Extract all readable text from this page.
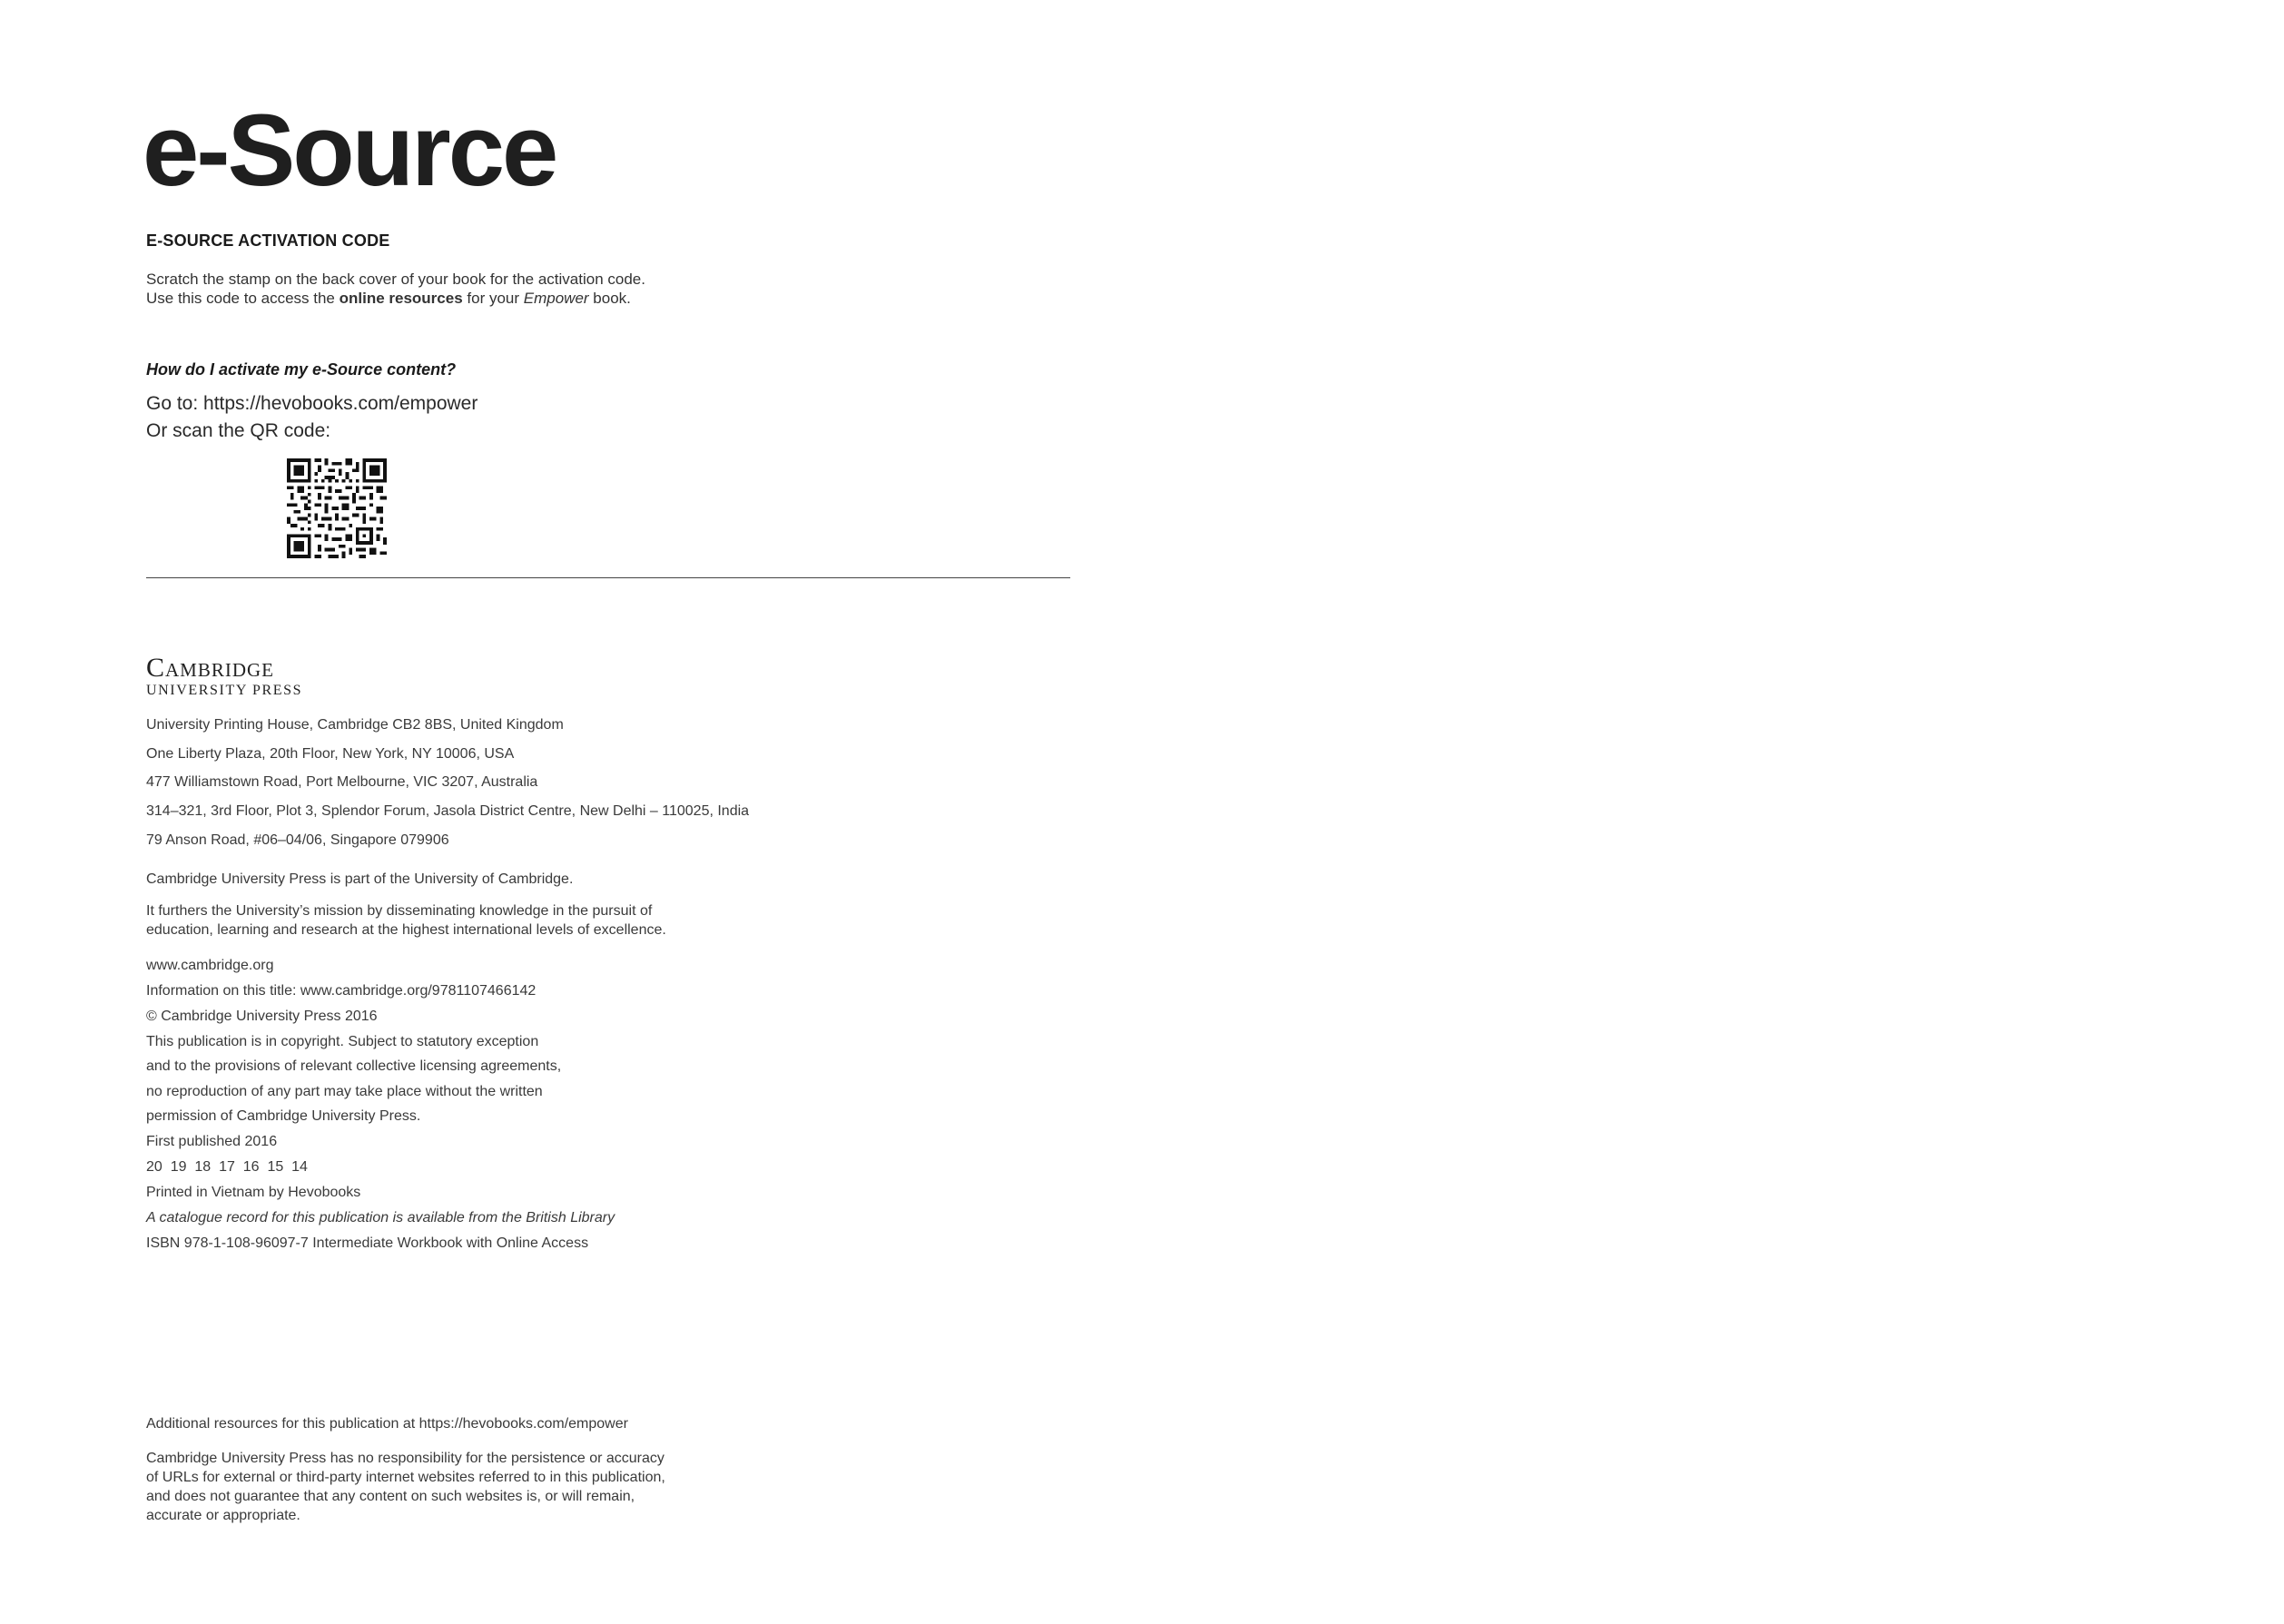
e-Source
E-SOURCE ACTIVATION CODE
Scratch the stamp on the back cover of your book for the activation code.
Use this code to access the online resources for your Empower book.
How do I activate my e-Source content?
Go to: https://hevobooks.com/empower
Or scan the QR code:
Cambridge
UNIVERSITY PRESS
University Printing House, Cambridge CB2 8BS, United Kingdom
One Liberty Plaza, 20th Floor, New York, NY 10006, USA
477 Williamstown Road, Port Melbourne, VIC 3207, Australia
314–321, 3rd Floor, Plot 3, Splendor Forum, Jasola District Centre, New Delhi – 110025, India
79 Anson Road, #06–04/06, Singapore 079906
Cambridge University Press is part of the University of Cambridge.
It furthers the University’s mission by disseminating knowledge in the pursuit of
education, learning and research at the highest international levels of excellence.
www.cambridge.org
Information on this title: www.cambridge.org/9781107466142
© Cambridge University Press 2016
This publication is in copyright. Subject to statutory exception
and to the provisions of relevant collective licensing agreements,
no reproduction of any part may take place without the written
permission of Cambridge University Press.
First published 2016
20  19  18  17  16  15  14
Printed in Vietnam by Hevobooks
A catalogue record for this publication is available from the British Library
ISBN 978-1-108-96097-7 Intermediate Workbook with Online Access
Additional resources for this publication at https://hevobooks.com/empower
Cambridge University Press has no responsibility for the persistence or accuracy
of URLs for external or third-party internet websites referred to in this publication,
and does not guarantee that any content on such websites is, or will remain,
accurate or appropriate.
